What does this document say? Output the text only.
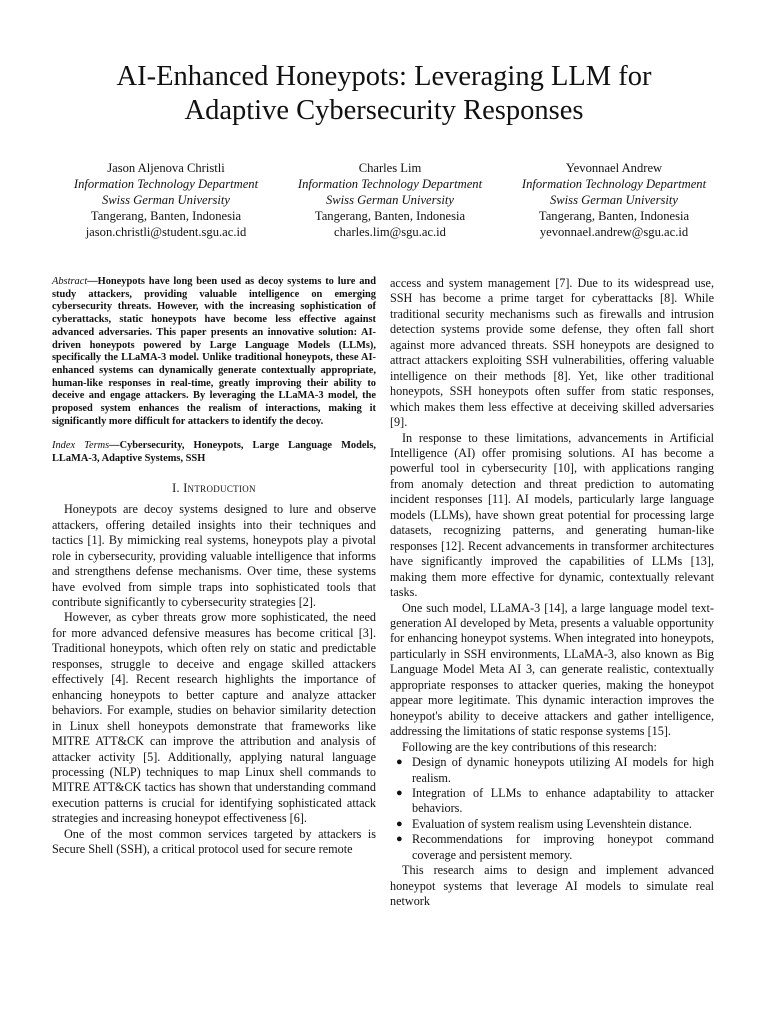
AI-Enhanced Honeypots: Leveraging LLM for
Adaptive Cybersecurity Responses
Jason Aljenova Christli
Information Technology Department
Swiss German University
Tangerang, Banten, Indonesia
jason.christli@student.sgu.ac.id
Charles Lim
Information Technology Department
Swiss German University
Tangerang, Banten, Indonesia
charles.lim@sgu.ac.id
Yevonnael Andrew
Information Technology Department
Swiss German University
Tangerang, Banten, Indonesia
yevonnael.andrew@sgu.ac.id

Abstract—Honeypots have long been used as decoy systems to lure and study attackers, providing valuable intelligence on emerging cybersecurity threats. However, with the increasing sophistication of cyberattacks, static honeypots have become less effective against advanced adversaries. This paper presents an innovative solution: AI-driven honeypots powered by Large Language Models (LLMs), specifically the LLaMA-3 model. Unlike traditional honeypots, these AI-enhanced systems can dynamically generate contextually appropriate, human-like responses in real-time, greatly improving their ability to deceive and engage attackers. By leveraging the LLaMA-3 model, the proposed system enhances the realism of interactions, making it significantly more difficult for attackers to identify the decoy.

Index Terms—Cybersecurity, Honeypots, Large Language Models, LLaMA-3, Adaptive Systems, SSH

I. Introduction

Honeypots are decoy systems designed to lure and observe attackers, offering detailed insights into their techniques and tactics [1]. By mimicking real systems, honeypots play a pivotal role in cybersecurity, providing valuable intelligence that informs and strengthens defense mechanisms. Over time, these systems have evolved from simple traps into sophisticated tools that contribute significantly to cybersecurity strategies [2].

However, as cyber threats grow more sophisticated, the need for more advanced defensive measures has become critical [3]. Traditional honeypots, which often rely on static and predictable responses, struggle to deceive and engage skilled attackers effectively [4]. Recent research highlights the importance of enhancing honeypots to better capture and analyze attacker behaviors. For example, studies on behavior similarity detection in Linux shell honeypots demonstrate that frameworks like MITRE ATT&CK can improve the attribution and analysis of attacker activity [5]. Additionally, applying natural language processing (NLP) techniques to map Linux shell commands to MITRE ATT&CK tactics has shown that understanding command execution patterns is crucial for identifying sophisticated attack strategies and increasing honeypot effectiveness [6].

One of the most common services targeted by attackers is Secure Shell (SSH), a critical protocol used for secure remote

access and system management [7]. Due to its widespread use, SSH has become a prime target for cyberattacks [8]. While traditional security mechanisms such as firewalls and intrusion detection systems provide some defense, they often fall short against more advanced threats. SSH honeypots are designed to attract attackers exploiting SSH vulnerabilities, offering valuable intelligence on their methods [8]. Yet, like other traditional honeypots, SSH honeypots often suffer from static responses, which makes them less effective at deceiving skilled adversaries [9].

In response to these limitations, advancements in Artificial Intelligence (AI) offer promising solutions. AI has become a powerful tool in cybersecurity [10], with applications ranging from anomaly detection and threat prediction to automating incident responses [11]. AI models, particularly large language models (LLMs), have shown great potential for processing large datasets, recognizing patterns, and generating human-like responses [12]. Recent advancements in transformer architectures have significantly improved the capabilities of LLMs [13], making them more effective for dynamic, contextually relevant tasks.

One such model, LLaMA-3 [14], a large language model text-generation AI developed by Meta, presents a valuable opportunity for enhancing honeypot systems. When integrated into honeypots, particularly in SSH environments, LLaMA-3, also known as Big Language Model Meta AI 3, can generate realistic, contextually appropriate responses to attacker queries, making the honeypot appear more legitimate. This dynamic interaction improves the honeypot's ability to deceive attackers and gather intelligence, addressing the limitations of static response systems [15].

Following are the key contributions of this research:

● Design of dynamic honeypots utilizing AI models for high realism.
● Integration of LLMs to enhance adaptability to attacker behaviors.
● Evaluation of system realism using Levenshtein distance.
● Recommendations for improving honeypot command coverage and persistent memory.

This research aims to design and implement advanced honeypot systems that leverage AI models to simulate real network
